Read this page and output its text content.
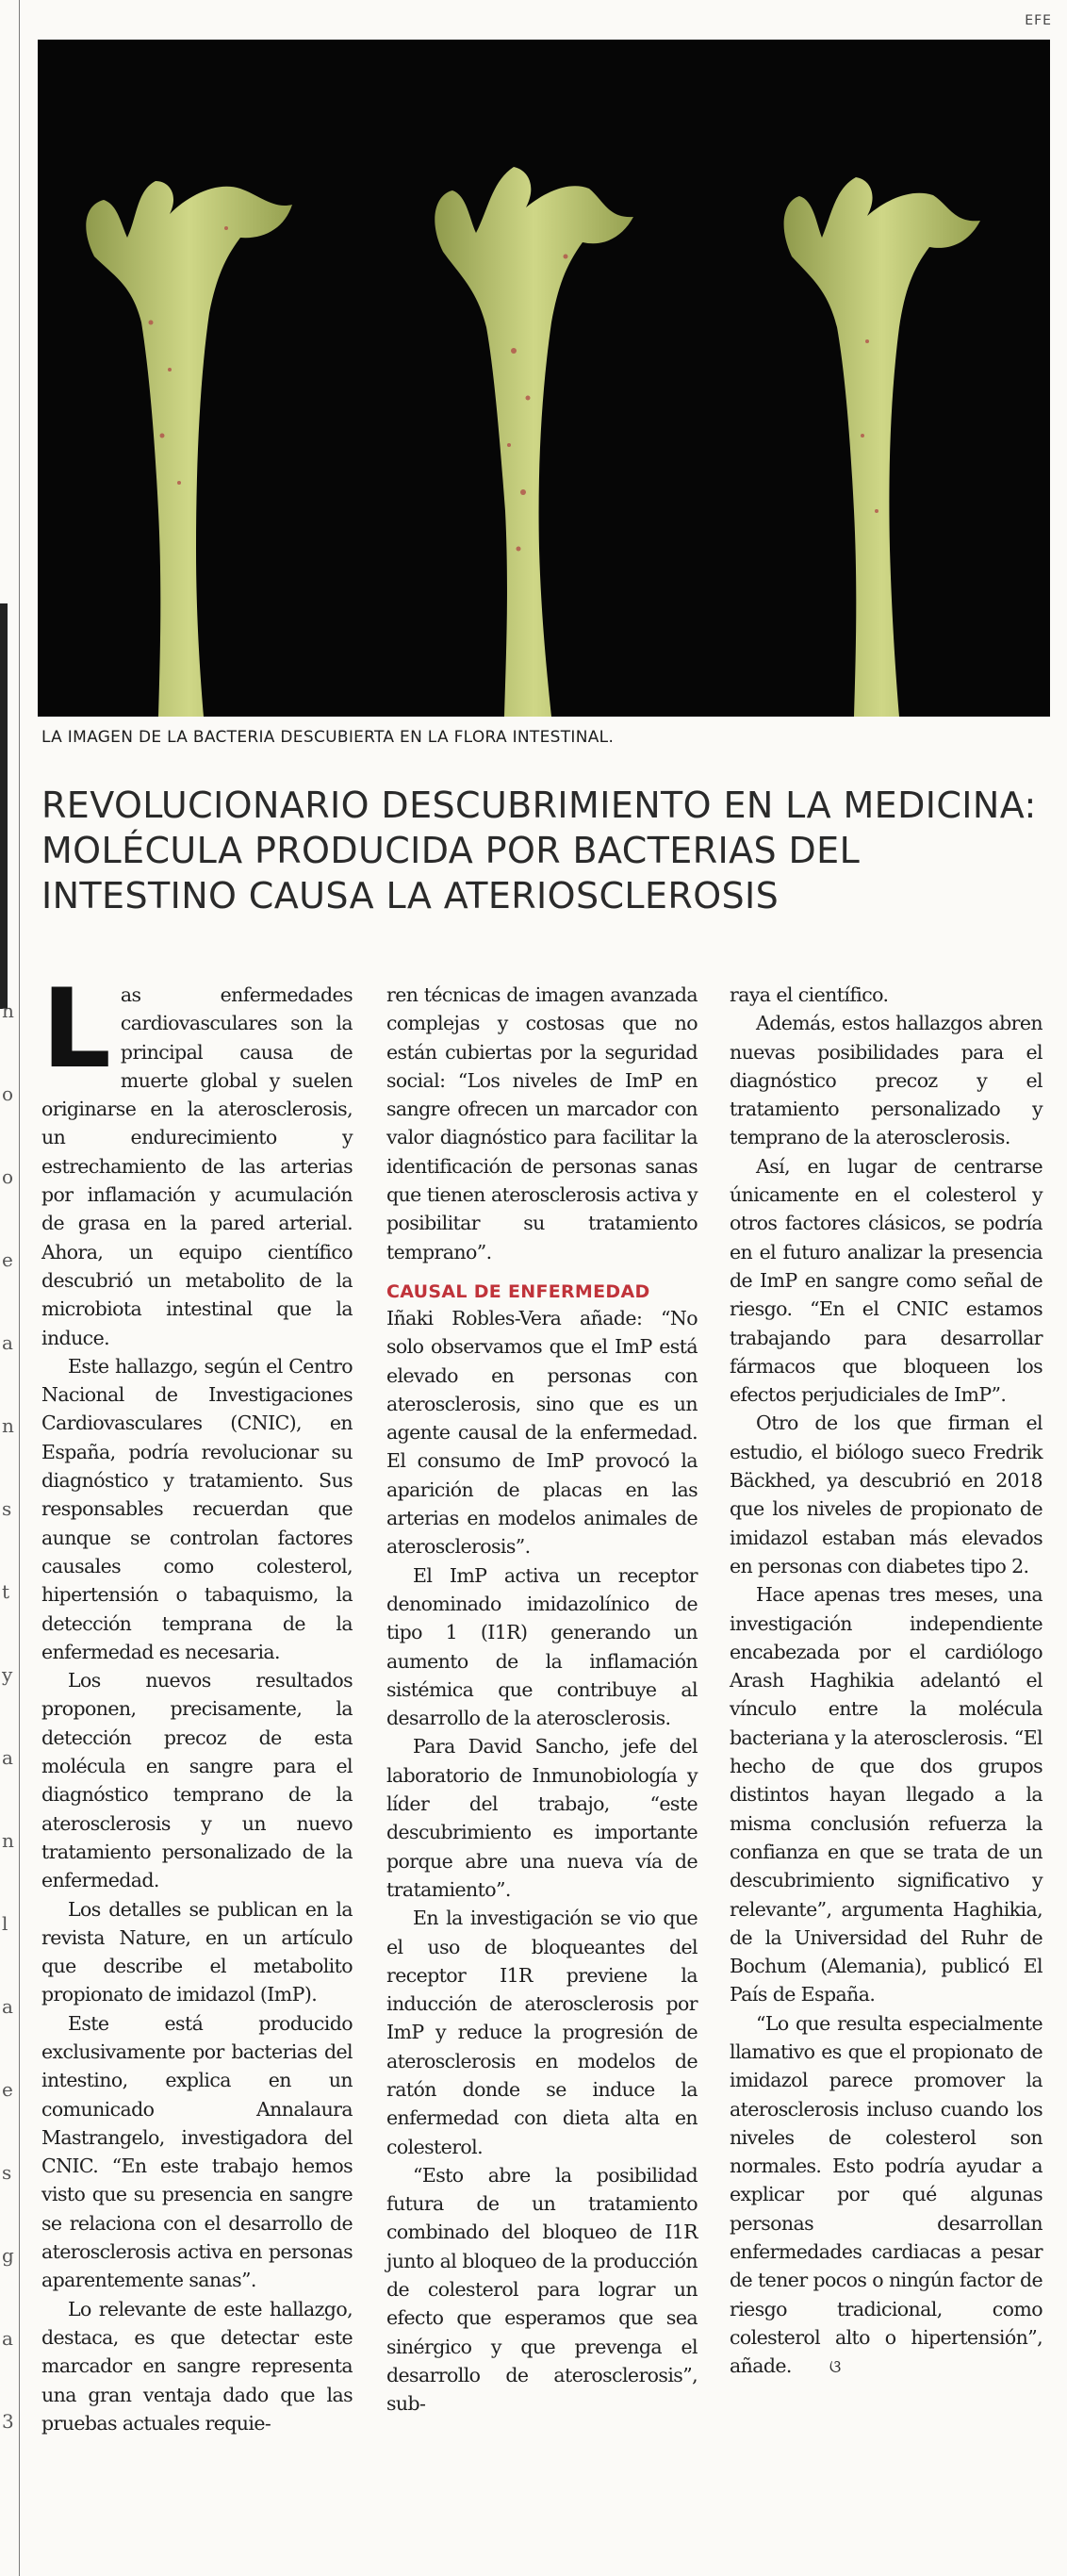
n
o
o
e
a
n
s
t
y
a
n
l
a
e
s
g
a
3
EFE
LA IMAGEN DE LA BACTERIA DESCUBIERTA EN LA FLORA INTESTINAL.
REVOLUCIONARIO DESCUBRIMIENTO EN LA MEDICINA: MOLÉCULA PRODUCIDA POR BACTERIAS DEL INTESTINO CAUSA LA ATERIOSCLEROSIS
L as enfermedades cardiovasculares son la principal causa de muerte global y suelen originarse en la aterosclerosis, un endurecimiento y estrechamiento de las arterias por inflamación y acumulación de grasa en la pared arterial. Ahora, un equipo científico descubrió un metabolito de la microbiota intestinal que la induce.

Este hallazgo, según el Centro Nacional de Investigaciones Cardiovasculares (CNIC), en España, podría revolucionar su diagnóstico y tratamiento. Sus responsables recuerdan que aunque se controlan factores causales como colesterol, hipertensión o tabaquismo, la detección temprana de la enfermedad es necesaria.

Los nuevos resultados proponen, precisamente, la detección precoz de esta molécula en sangre para el diagnóstico temprano de la aterosclerosis y un nuevo tratamiento personalizado de la enfermedad.

Los detalles se publican en la revista Nature, en un artículo que describe el metabolito propionato de imidazol (ImP).

Este está producido exclusivamente por bacterias del intestino, explica en un comunicado Annalaura Mastrangelo, investigadora del CNIC. “En este trabajo hemos visto que su presencia en sangre se relaciona con el desarrollo de aterosclerosis activa en personas aparentemente sanas”.

Lo relevante de este hallazgo, destaca, es que detectar este marcador en sangre representa una gran ventaja dado que las pruebas actuales requie-

ren técnicas de imagen avanzada complejas y costosas que no están cubiertas por la seguridad social: “Los niveles de ImP en sangre ofrecen un marcador con valor diagnóstico para facilitar la identificación de personas sanas que tienen aterosclerosis activa y posibilitar su tratamiento temprano”.

CAUSAL DE ENFERMEDAD

Iñaki Robles-Vera añade: “No solo observamos que el ImP está elevado en personas con aterosclerosis, sino que es un agente causal de la enfermedad. El consumo de ImP provocó la aparición de placas en las arterias en modelos animales de aterosclerosis”.

El ImP activa un receptor denominado imidazolínico de tipo 1 (I1R) generando un aumento de la inflamación sistémica que contribuye al desarrollo de la aterosclerosis.

Para David Sancho, jefe del laboratorio de Inmunobiología y líder del trabajo, “este descubrimiento es importante porque abre una nueva vía de tratamiento”.

En la investigación se vio que el uso de bloqueantes del receptor I1R previene la inducción de aterosclerosis por ImP y reduce la progresión de aterosclerosis en modelos de ratón donde se induce la enfermedad con dieta alta en colesterol.

“Esto abre la posibilidad futura de un tratamiento combinado del bloqueo de I1R junto al bloqueo de la producción de colesterol para lograr un efecto que esperamos que sea sinérgico y que prevenga el desarrollo de aterosclerosis”, sub-

raya el científico.

Además, estos hallazgos abren nuevas posibilidades para el diagnóstico precoz y el tratamiento personalizado y temprano de la aterosclerosis.

Así, en lugar de centrarse únicamente en el colesterol y otros factores clásicos, se podría en el futuro analizar la presencia de ImP en sangre como señal de riesgo. “En el CNIC estamos trabajando para desarrollar fármacos que bloqueen los efectos perjudiciales de ImP”.

Otro de los que firman el estudio, el biólogo sueco Fredrik Bäckhed, ya descubrió en 2018 que los niveles de propionato de imidazol estaban más elevados en personas con diabetes tipo 2.

Hace apenas tres meses, una investigación independiente encabezada por el cardiólogo Arash Haghikia adelantó el vínculo entre la molécula bacteriana y la aterosclerosis. “El hecho de que dos grupos distintos hayan llegado a la misma conclusión refuerza la confianza en que se trata de un descubrimiento significativo y relevante”, argumenta Haghikia, de la Universidad del Ruhr de Bochum (Alemania), publicó El País de España.

“Lo que resulta especialmente llamativo es que el propionato de imidazol parece promover la aterosclerosis incluso cuando los niveles de colesterol son normales. Esto podría ayudar a explicar por qué algunas personas desarrollan enfermedades cardiacas a pesar de tener pocos o ningún factor de riesgo tradicional, como colesterol alto o hipertensión”, añade. ଓ
